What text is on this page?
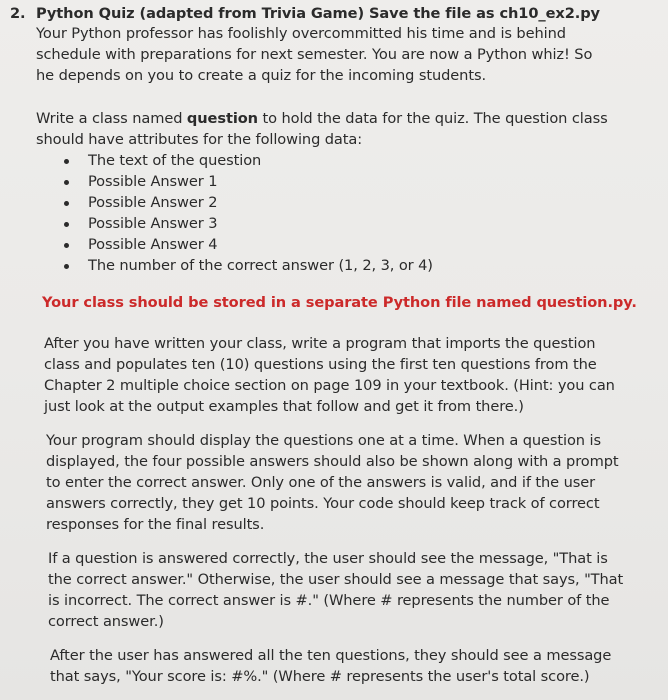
2. Python Quiz (adapted from Trivia Game) Save the file as ch10_ex2.py
Your Python professor has foolishly overcommitted his time and is behind
schedule with preparations for next semester. You are now a Python whiz! So
he depends on you to create a quiz for the incoming students.
Write a class named question to hold the data for the quiz. The question class
should have attributes for the following data:
The text of the question
Possible Answer 1
Possible Answer 2
Possible Answer 3
Possible Answer 4
The number of the correct answer (1, 2, 3, or 4)
Your class should be stored in a separate Python file named question.py.
After you have written your class, write a program that imports the question
class and populates ten (10) questions using the first ten questions from the
Chapter 2 multiple choice section on page 109 in your textbook. (Hint: you can
just look at the output examples that follow and get it from there.)
Your program should display the questions one at a time. When a question is
displayed, the four possible answers should also be shown along with a prompt
to enter the correct answer. Only one of the answers is valid, and if the user
answers correctly, they get 10 points. Your code should keep track of correct
responses for the final results.
If a question is answered correctly, the user should see the message, "That is
the correct answer." Otherwise, the user should see a message that says, "That
is incorrect. The correct answer is #." (Where # represents the number of the
correct answer.)
After the user has answered all the ten questions, they should see a message
that says, "Your score is: #%." (Where # represents the user's total score.)
